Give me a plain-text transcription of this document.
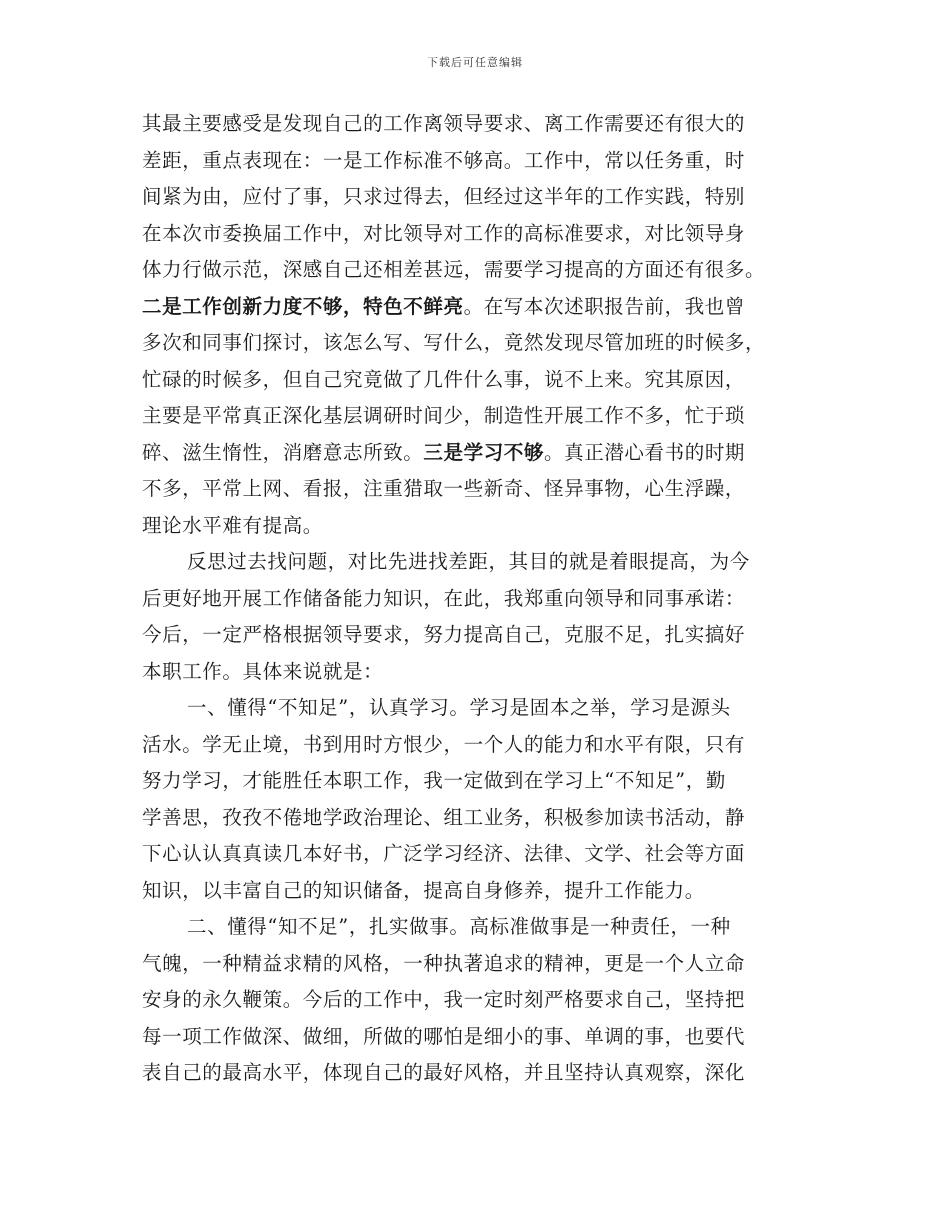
下载后可任意编辑
其最主要感受是发现自己的工作离领导要求、离工作需要还有很大的
差距，重点表现在：一是工作标准不够高。工作中，常以任务重，时
间紧为由，应付了事，只求过得去，但经过这半年的工作实践，特别
在本次市委换届工作中，对比领导对工作的高标准要求，对比领导身
体力行做示范，深感自己还相差甚远，需要学习提高的方面还有很多。
二是工作创新力度不够，特色不鲜亮。在写本次述职报告前，我也曾
多次和同事们探讨，该怎么写、写什么，竟然发现尽管加班的时候多，
忙碌的时候多，但自己究竟做了几件什么事，说不上来。究其原因，
主要是平常真正深化基层调研时间少，制造性开展工作不多，忙于琐
碎、滋生惰性，消磨意志所致。三是学习不够。真正潜心看书的时期
不多，平常上网、看报，注重猎取一些新奇、怪异事物，心生浮躁，
理论水平难有提高。
反思过去找问题，对比先进找差距，其目的就是着眼提高，为今
后更好地开展工作储备能力知识，在此，我郑重向领导和同事承诺：
今后，一定严格根据领导要求，努力提高自己，克服不足，扎实搞好
本职工作。具体来说就是：
一、懂得“不知足”，认真学习。学习是固本之举，学习是源头
活水。学无止境，书到用时方恨少，一个人的能力和水平有限，只有
努力学习，才能胜任本职工作，我一定做到在学习上“不知足”，勤
学善思，孜孜不倦地学政治理论、组工业务，积极参加读书活动，静
下心认认真真读几本好书，广泛学习经济、法律、文学、社会等方面
知识，以丰富自己的知识储备，提高自身修养，提升工作能力。
二、懂得“知不足”，扎实做事。高标准做事是一种责任，一种
气魄，一种精益求精的风格，一种执著追求的精神，更是一个人立命
安身的永久鞭策。今后的工作中，我一定时刻严格要求自己，坚持把
每一项工作做深、做细，所做的哪怕是细小的事、单调的事，也要代
表自己的最高水平，体现自己的最好风格，并且坚持认真观察，深化
